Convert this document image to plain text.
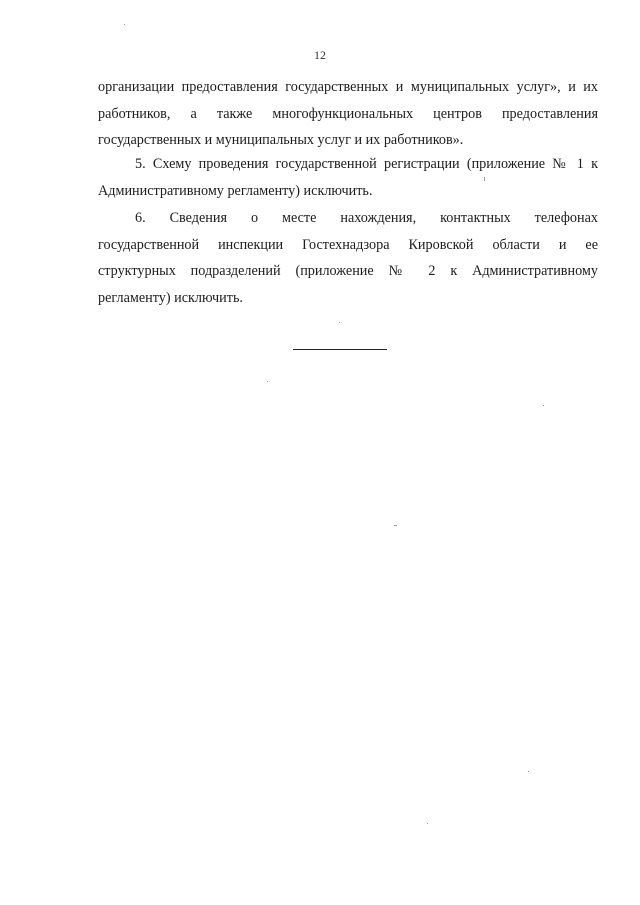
12
организации предоставления государственных и муниципальных услуг», и их
работников, а также многофункциональных центров предоставления
государственных и муниципальных услуг и их работников».
5. Схему проведения государственной регистрации (приложение № 1 к
Административному регламенту) исключить.
6. Сведения о месте нахождения, контактных телефонах
государственной инспекции Гостехнадзора Кировской области и ее
структурных подразделений (приложение № 2 к Административному
регламенту) исключить.
